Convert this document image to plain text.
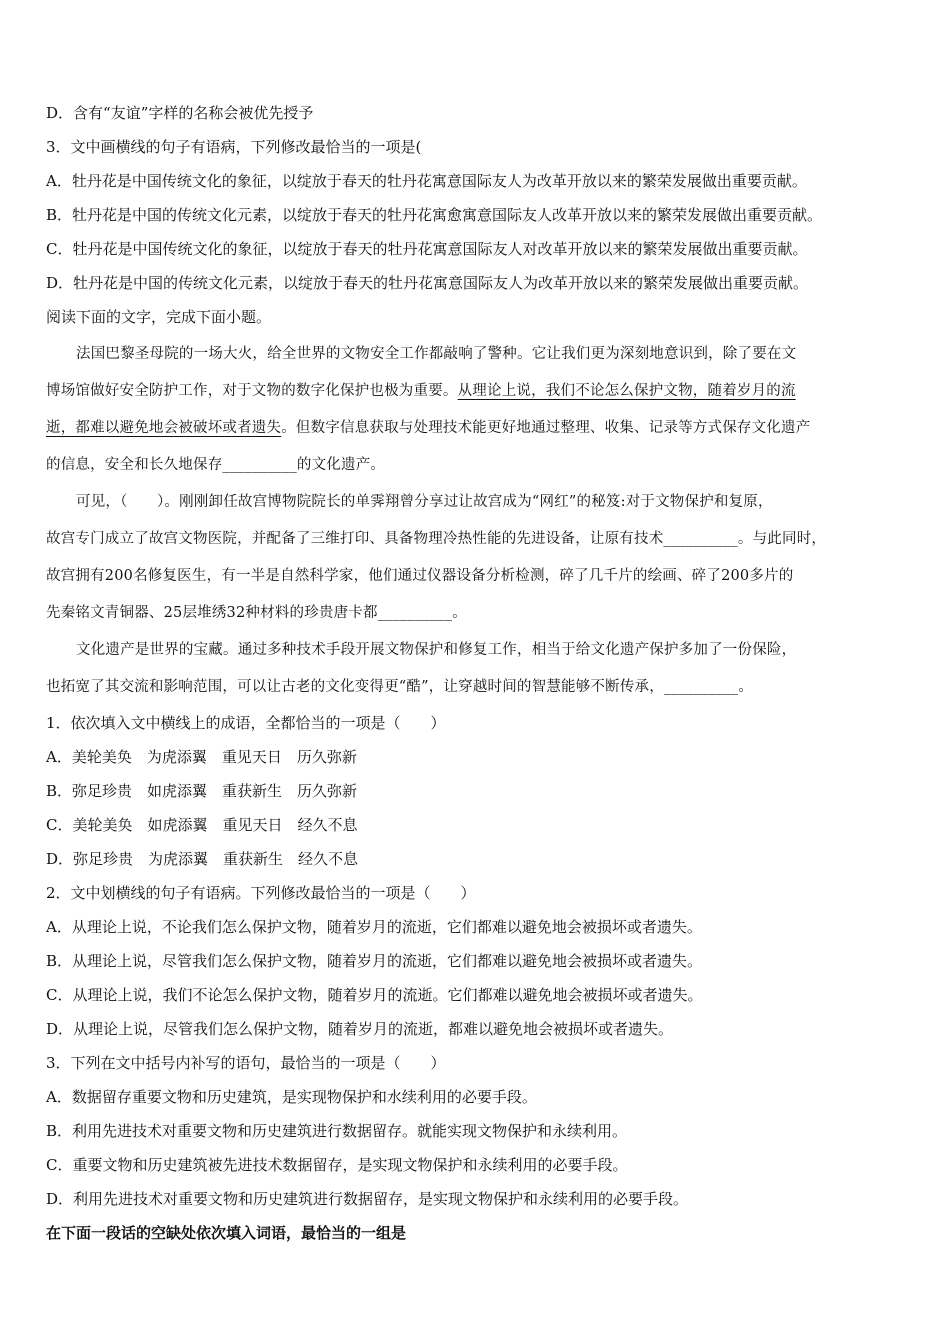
D．含有“友谊”字样的名称会被优先授予
3．文中画横线的句子有语病，下列修改最恰当的一项是(
A．牡丹花是中国传统文化的象征，以绽放于春天的牡丹花寓意国际友人为改革开放以来的繁荣发展做出重要贡献。
B．牡丹花是中国的传统文化元素，以绽放于春天的牡丹花寓愈寓意国际友人改革开放以来的繁荣发展做出重要贡献。
C．牡丹花是中国传统文化的象征，以绽放于春天的牡丹花寓意国际友人对改革开放以来的繁荣发展做出重要贡献。
D．牡丹花是中国的传统文化元素，以绽放于春天的牡丹花寓意国际友人为改革开放以来的繁荣发展做出重要贡献。
阅读下面的文字，完成下面小题。
法国巴黎圣母院的一场大火，给全世界的文物安全工作都敲响了警种。它让我们更为深刻地意识到，除了要在文
博场馆做好安全防护工作，对于文物的数字化保护也极为重要。从理论上说，我们不论怎么保护文物，随着岁月的流
逝，都难以避免地会被破坏或者遗失。但数字信息获取与处理技术能更好地通过整理、收集、记录等方式保存文化遗产
的信息，安全和长久地保存__________的文化遗产。
可见，（　　）。刚刚卸任故宫博物院院长的单霁翔曾分享过让故宫成为“网红”的秘笈:对于文物保护和复原，
故宫专门成立了故宫文物医院，并配备了三维打印、具备物理冷热性能的先进设备，让原有技术__________。与此同时，
故宫拥有200名修复医生，有一半是自然科学家，他们通过仪器设备分析检测，碎了几千片的绘画、碎了200多片的
先秦铭文青铜器、25层堆绣32种材料的珍贵唐卡都__________。
文化遗产是世界的宝藏。通过多种技术手段开展文物保护和修复工作，相当于给文化遗产保护多加了一份保险，
也拓宽了其交流和影响范围，可以让古老的文化变得更“酷”，让穿越时间的智慧能够不断传承，__________。
1．依次填入文中横线上的成语，全都恰当的一项是（　　）
A．美轮美奂　为虎添翼　重见天日　历久弥新
B．弥足珍贵　如虎添翼　重获新生　历久弥新
C．美轮美奂　如虎添翼　重见天日　经久不息
D．弥足珍贵　为虎添翼　重获新生　经久不息
2．文中划横线的句子有语病。下列修改最恰当的一项是（　　）
A．从理论上说，不论我们怎么保护文物，随着岁月的流逝，它们都难以避免地会被损坏或者遗失。
B．从理论上说，尽管我们怎么保护文物，随着岁月的流逝，它们都难以避免地会被损坏或者遗失。
C．从理论上说，我们不论怎么保护文物，随着岁月的流逝。它们都难以避免地会被损坏或者遗失。
D．从理论上说，尽管我们怎么保护文物，随着岁月的流逝，都难以避免地会被损坏或者遗失。
3．下列在文中括号内补写的语句，最恰当的一项是（　　）
A．数据留存重要文物和历史建筑，是实现物保护和水续利用的必要手段。
B．利用先进技术对重要文物和历史建筑进行数据留存。就能实现文物保护和永续利用。
C．重要文物和历史建筑被先进技术数据留存，是实现文物保护和永续利用的必要手段。
D．利用先进技术对重要文物和历史建筑进行数据留存，是实现文物保护和永续利用的必要手段。
在下面一段话的空缺处依次填入词语，最恰当的一组是
